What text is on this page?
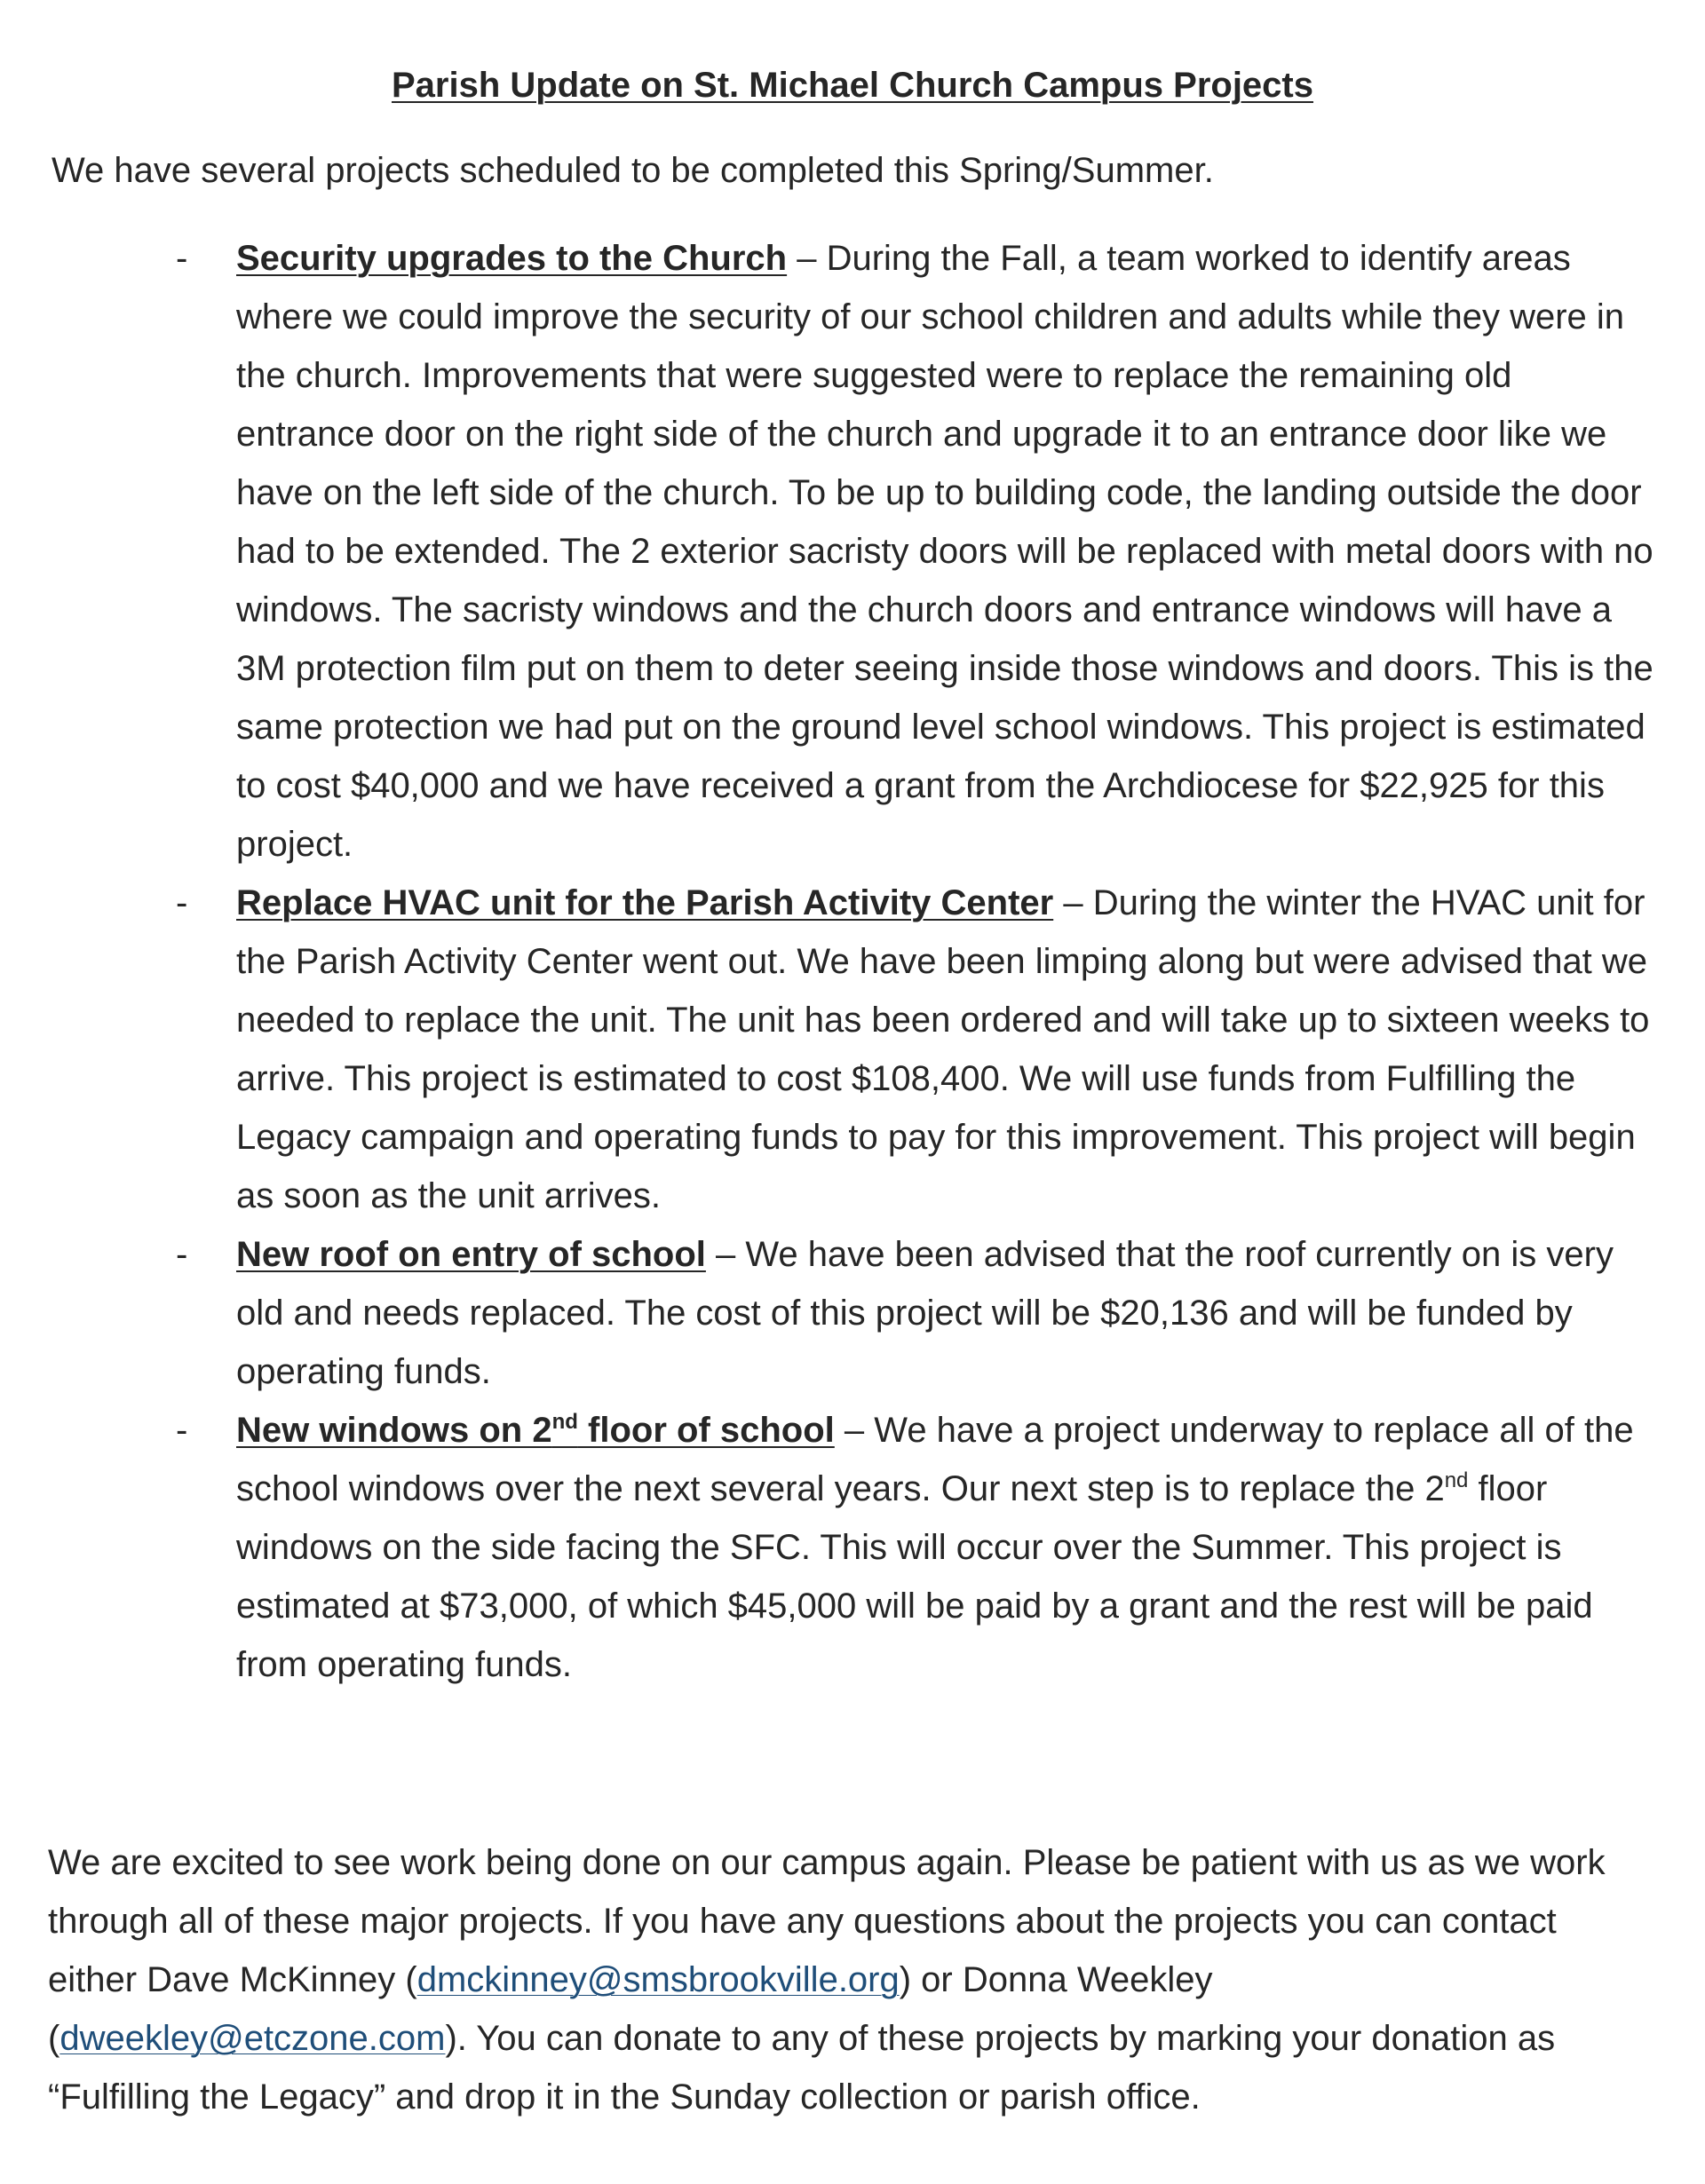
Parish Update on St. Michael Church Campus Projects
We have several projects scheduled to be completed this Spring/Summer.
- Security upgrades to the Church – During the Fall, a team worked to identify areas where we could improve the security of our school children and adults while they were in the church. Improvements that were suggested were to replace the remaining old entrance door on the right side of the church and upgrade it to an entrance door like we have on the left side of the church. To be up to building code, the landing outside the door had to be extended. The 2 exterior sacristy doors will be replaced with metal doors with no windows. The sacristy windows and the church doors and entrance windows will have a 3M protection film put on them to deter seeing inside those windows and doors. This is the same protection we had put on the ground level school windows. This project is estimated to cost $40,000 and we have received a grant from the Archdiocese for $22,925 for this project.
- Replace HVAC unit for the Parish Activity Center – During the winter the HVAC unit for the Parish Activity Center went out. We have been limping along but were advised that we needed to replace the unit. The unit has been ordered and will take up to sixteen weeks to arrive. This project is estimated to cost $108,400. We will use funds from Fulfilling the Legacy campaign and operating funds to pay for this improvement. This project will begin as soon as the unit arrives.
- New roof on entry of school – We have been advised that the roof currently on is very old and needs replaced. The cost of this project will be $20,136 and will be funded by operating funds.
- New windows on 2nd floor of school – We have a project underway to replace all of the school windows over the next several years. Our next step is to replace the 2nd floor windows on the side facing the SFC. This will occur over the Summer. This project is estimated at $73,000, of which $45,000 will be paid by a grant and the rest will be paid from operating funds.
We are excited to see work being done on our campus again. Please be patient with us as we work through all of these major projects. If you have any questions about the projects you can contact either Dave McKinney (dmckinney@smsbrookville.org) or Donna Weekley (dweekley@etczone.com). You can donate to any of these projects by marking your donation as “Fulfilling the Legacy” and drop it in the Sunday collection or parish office.
